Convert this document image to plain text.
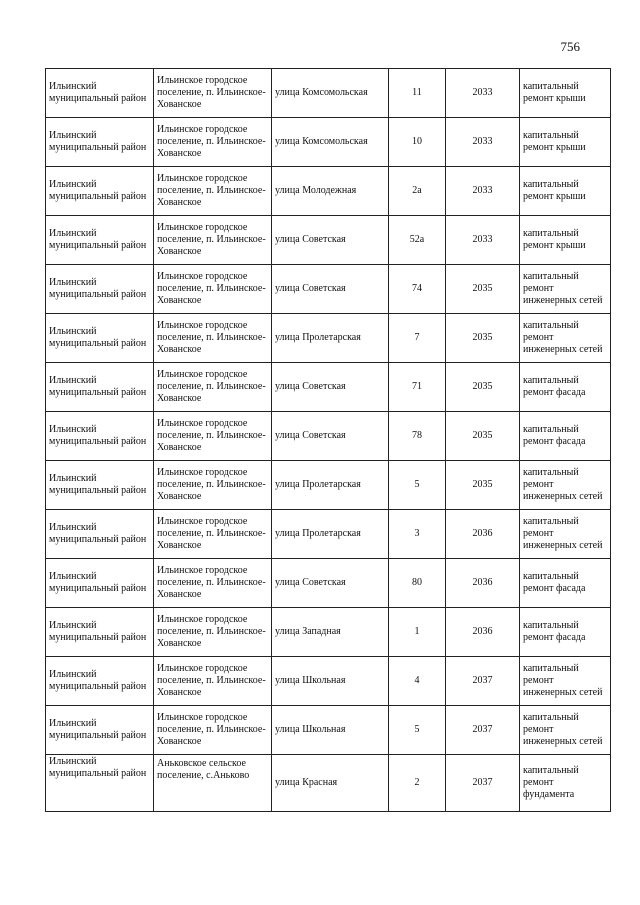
756
Ильинский муниципальный район	Ильинское городское поселение, п. Ильинское-Хованское	улица Комсомольская	11	2033	капитальный ремонт крыши
Ильинский муниципальный район	Ильинское городское поселение, п. Ильинское-Хованское	улица Комсомольская	10	2033	капитальный ремонт крыши
Ильинский муниципальный район	Ильинское городское поселение, п. Ильинское-Хованское	улица Молодежная	2а	2033	капитальный ремонт крыши
Ильинский муниципальный район	Ильинское городское поселение, п. Ильинское-Хованское	улица Советская	52а	2033	капитальный ремонт крыши
Ильинский муниципальный район	Ильинское городское поселение, п. Ильинское-Хованское	улица Советская	74	2035	капитальный ремонт инженерных сетей
Ильинский муниципальный район	Ильинское городское поселение, п. Ильинское-Хованское	улица Пролетарская	7	2035	капитальный ремонт инженерных сетей
Ильинский муниципальный район	Ильинское городское поселение, п. Ильинское-Хованское	улица Советская	71	2035	капитальный ремонт фасада
Ильинский муниципальный район	Ильинское городское поселение, п. Ильинское-Хованское	улица Советская	78	2035	капитальный ремонт фасада
Ильинский муниципальный район	Ильинское городское поселение, п. Ильинское-Хованское	улица Пролетарская	5	2035	капитальный ремонт инженерных сетей
Ильинский муниципальный район	Ильинское городское поселение, п. Ильинское-Хованское	улица Пролетарская	3	2036	капитальный ремонт инженерных сетей
Ильинский муниципальный район	Ильинское городское поселение, п. Ильинское-Хованское	улица Советская	80	2036	капитальный ремонт фасада
Ильинский муниципальный район	Ильинское городское поселение, п. Ильинское-Хованское	улица Западная	1	2036	капитальный ремонт фасада
Ильинский муниципальный район	Ильинское городское поселение, п. Ильинское-Хованское	улица Школьная	4	2037	капитальный ремонт инженерных сетей
Ильинский муниципальный район	Ильинское городское поселение, п. Ильинское-Хованское	улица Школьная	5	2037	капитальный ремонт инженерных сетей
Ильинский муниципальный район	Аньковское сельское поселение, с.Аньково	улица Красная	2	2037	капитальный ремонт фундамента
